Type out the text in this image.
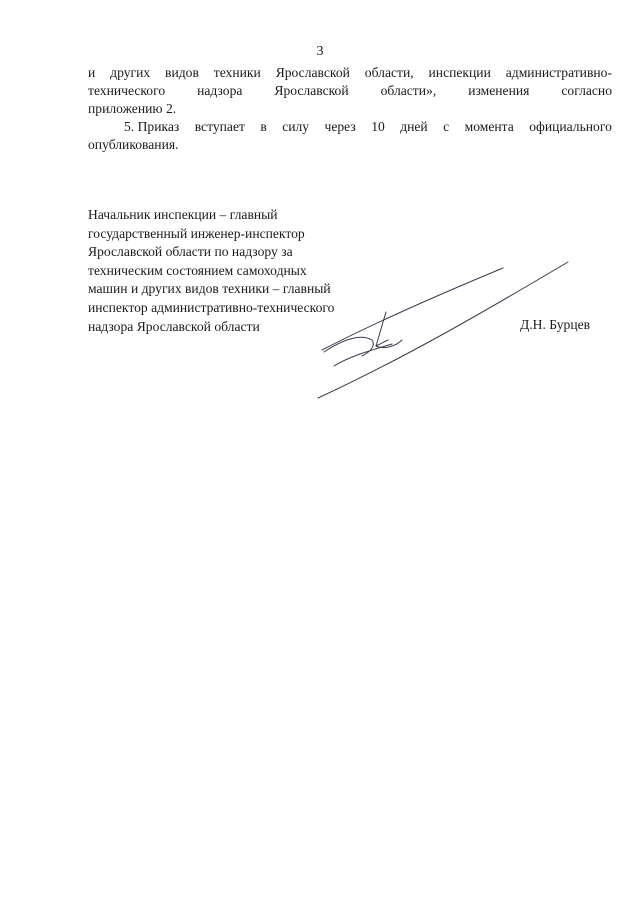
3
и других видов техники Ярославской области, инспекции административно-
технического надзора Ярославской области», изменения согласно
приложению 2.
5. Приказ вступает в силу через 10 дней с момента официального
опубликования.
Начальник инспекции – главный
государственный инженер-инспектор
Ярославской области по надзору за
техническим состоянием самоходных
машин и других видов техники – главный
инспектор административно-технического
надзора Ярославской области	Д.Н. Бурцев
